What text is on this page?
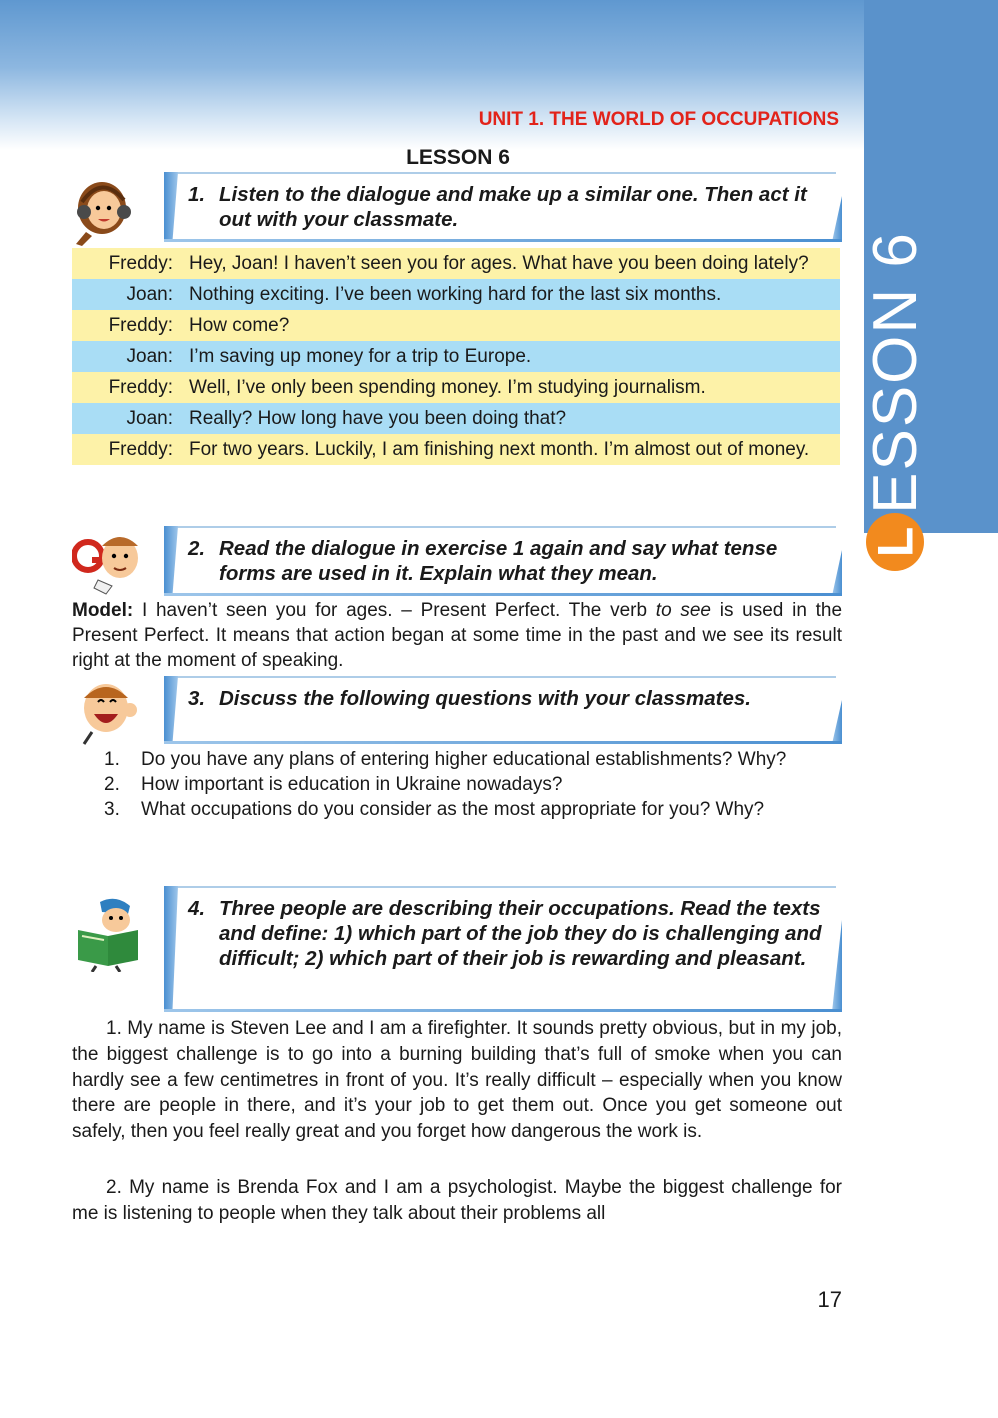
ESSON 6
L
UNIT 1. THE WORLD OF OCCUPATIONS
LESSON 6
1. Listen to the dialogue and make up a similar one. Then act it out with your classmate.
Freddy: Hey, Joan! I haven’t seen you for ages. What have you been doing lately?
Joan: Nothing exciting. I’ve been working hard for the last six months.
Freddy: How come?
Joan: I’m saving up money for a trip to Europe.
Freddy: Well, I’ve only been spending money. I’m studying journalism.
Joan: Really? How long have you been doing that?
Freddy: For two years. Luckily, I am finishing next month. I’m almost out of money.
2. Read the dialogue in exercise 1 again and say what tense forms are used in it. Explain what they mean.
Model: I haven’t seen you for ages. – Present Perfect. The verb to see is used in the Present Perfect. It means that action began at some time in the past and we see its result right at the moment of speaking.
3. Discuss the following questions with your classmates.
1.	Do you have any plans of entering higher educational establishments? Why?
2.	How important is education in Ukraine nowadays?
3.	What occupations do you consider as the most appropriate for you? Why?
4. Three people are describing their occupations. Read the texts and define: 1) which part of the job they do is challenging and difficult; 2) which part of their job is rewarding and pleasant.
1. My name is Steven Lee and I am a firefighter. It sounds pretty obvious, but in my job, the biggest challenge is to go into a burning building that’s full of smoke when you can hardly see a few centimetres in front of you. It’s really difficult – especially when you know there are people in there, and it’s your job to get them out. Once you get someone out safely, then you feel really great and you forget how dangerous the work is.
2. My name is Brenda Fox and I am a psychologist. Maybe the biggest challenge for me is listening to people when they talk about their problems all
17
